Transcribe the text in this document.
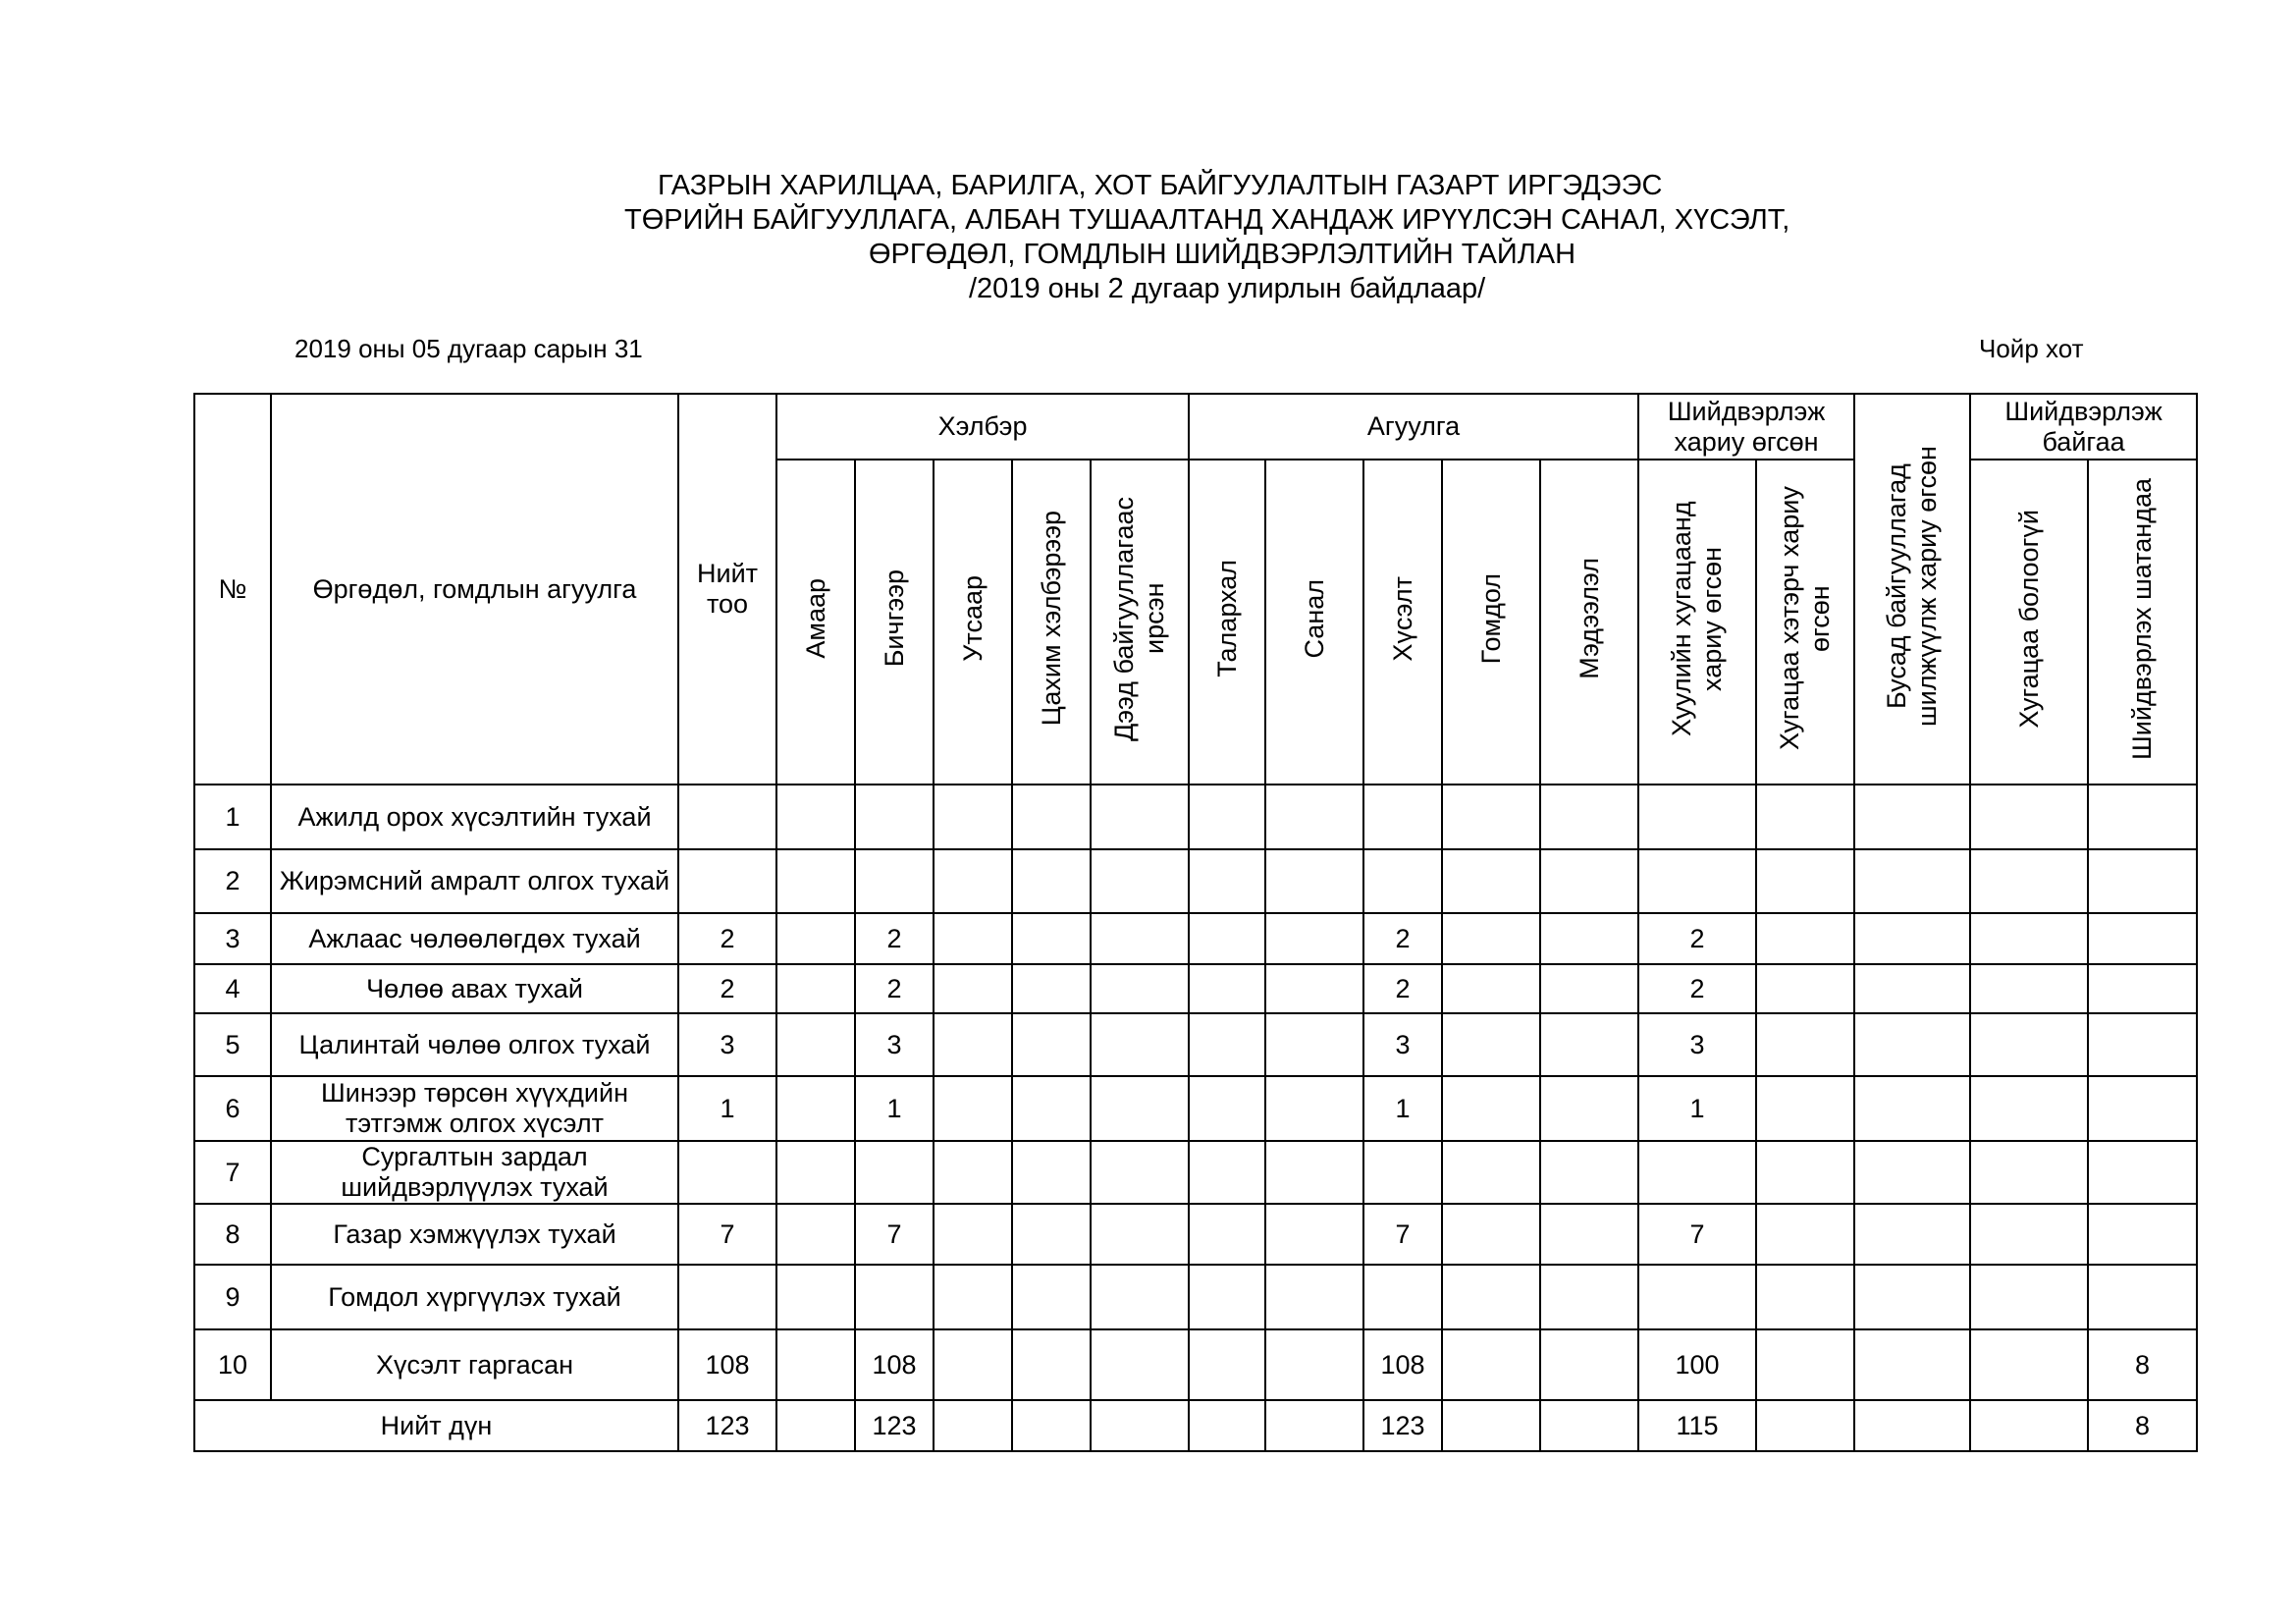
ГАЗРЫН ХАРИЛЦАА, БАРИЛГА, ХОТ БАЙГУУЛАЛТЫН ГАЗАРТ ИРГЭДЭЭС
ТӨРИЙН БАЙГУУЛЛАГА, АЛБАН ТУШААЛТАНД ХАНДАЖ ИРҮҮЛСЭН САНАЛ, ХҮСЭЛТ,
ӨРГӨДӨЛ, ГОМДЛЫН ШИЙДВЭРЛЭЛТИЙН ТАЙЛАН
/2019 оны 2 дугаар улирлын байдлаар/
2019 оны 05 дугаар сарын 31	Чойр хот
№	Өргөдөл, гомдлын агуулга	Нийт тоо	Хэлбэр					Агуулга					Шийдвэрлэж хариу өгсөн		Бусад байгууллагад шилжүүлж хариу өгсөн	Шийдвэрлэж байгаа	
			Амаар	Бичгээр	Утсаар	Цахим хэлбэрээр	Дээд байгууллагаас ирсэн	Талархал	Санал	Хүсэлт	Гомдол	Мэдээлэл	Хуулийн хугацаанд хариу өгсөн	Хугацаа хэтэрч хариу өгсөн		Хугацаа болоогүй	Шийдвэрлэх шатандаа
1	Ажилд орох хүсэлтийн тухай																
2	Жирэмсний амралт олгох тухай																
3	Ажлаас чөлөөлөгдөх тухай	2		2						2			2				
4	Чөлөө авах тухай	2		2						2			2				
5	Цалинтай чөлөө олгох тухай	3		3						3			3				
6	Шинээр төрсөн хүүхдийн тэтгэмж олгох хүсэлт	1		1						1			1				
7	Сургалтын зардал шийдвэрлүүлэх тухай																
8	Газар хэмжүүлэх тухай	7		7						7			7				
9	Гомдол хүргүүлэх тухай																
10	Хүсэлт гаргасан	108		108						108			100				8
Нийт дүн		123		123						123			115				8
